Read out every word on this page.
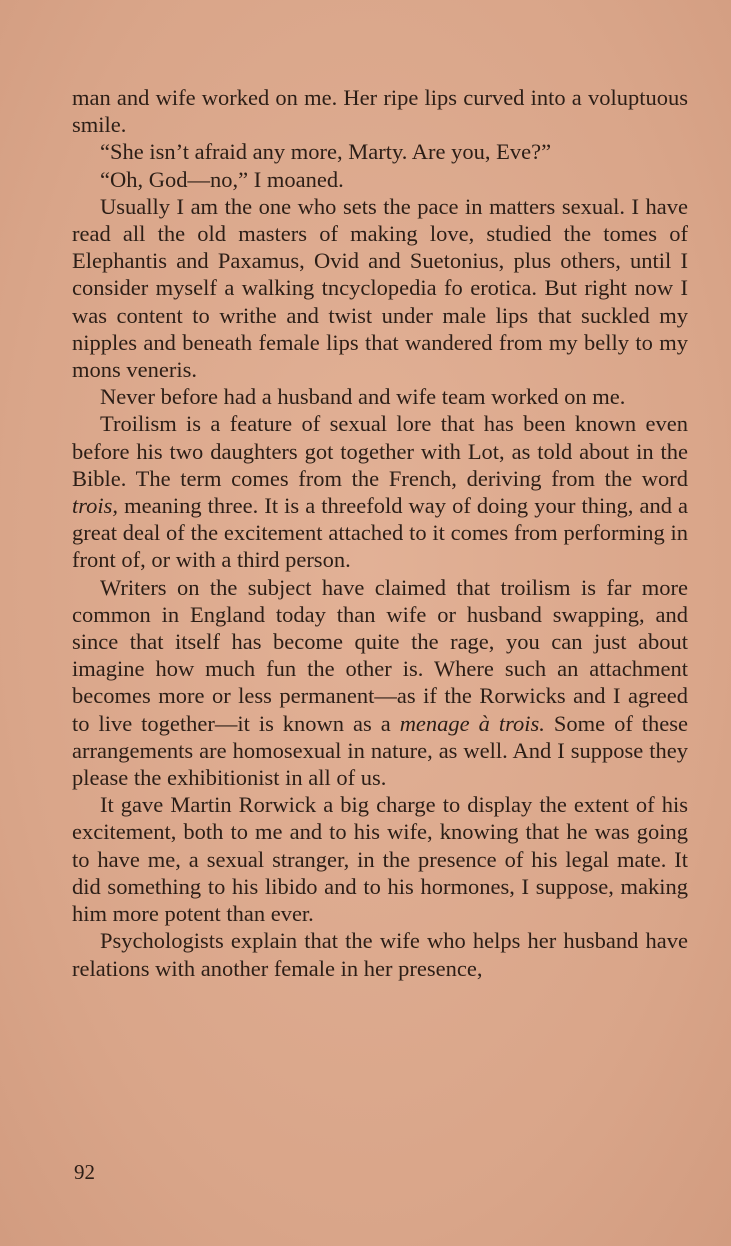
man and wife worked on me. Her ripe lips curved into a voluptuous smile.

“She isn’t afraid any more, Marty. Are you, Eve?”

“Oh, God—no,” I moaned.

Usually I am the one who sets the pace in matters sexual. I have read all the old masters of making love, studied the tomes of Elephantis and Paxamus, Ovid and Suetonius, plus others, until I consider myself a walking tncyclopedia fo erotica. But right now I was content to writhe and twist under male lips that suckled my nipples and beneath female lips that wandered from my belly to my mons veneris.

Never before had a husband and wife team worked on me.

Troilism is a feature of sexual lore that has been known even before his two daughters got together with Lot, as told about in the Bible. The term comes from the French, deriving from the word trois, meaning three. It is a threefold way of doing your thing, and a great deal of the excitement attached to it comes from performing in front of, or with a third person.

Writers on the subject have claimed that troilism is far more common in England today than wife or husband swapping, and since that itself has become quite the rage, you can just about imagine how much fun the other is. Where such an attachment becomes more or less permanent—as if the Rorwicks and I agreed to live together—it is known as a menage à trois. Some of these arrangements are homosexual in nature, as well. And I suppose they please the exhibitionist in all of us.

It gave Martin Rorwick a big charge to display the extent of his excitement, both to me and to his wife, knowing that he was going to have me, a sexual stranger, in the presence of his legal mate. It did something to his libido and to his hormones, I suppose, making him more potent than ever.

Psychologists explain that the wife who helps her husband have relations with another female in her presence,

92
